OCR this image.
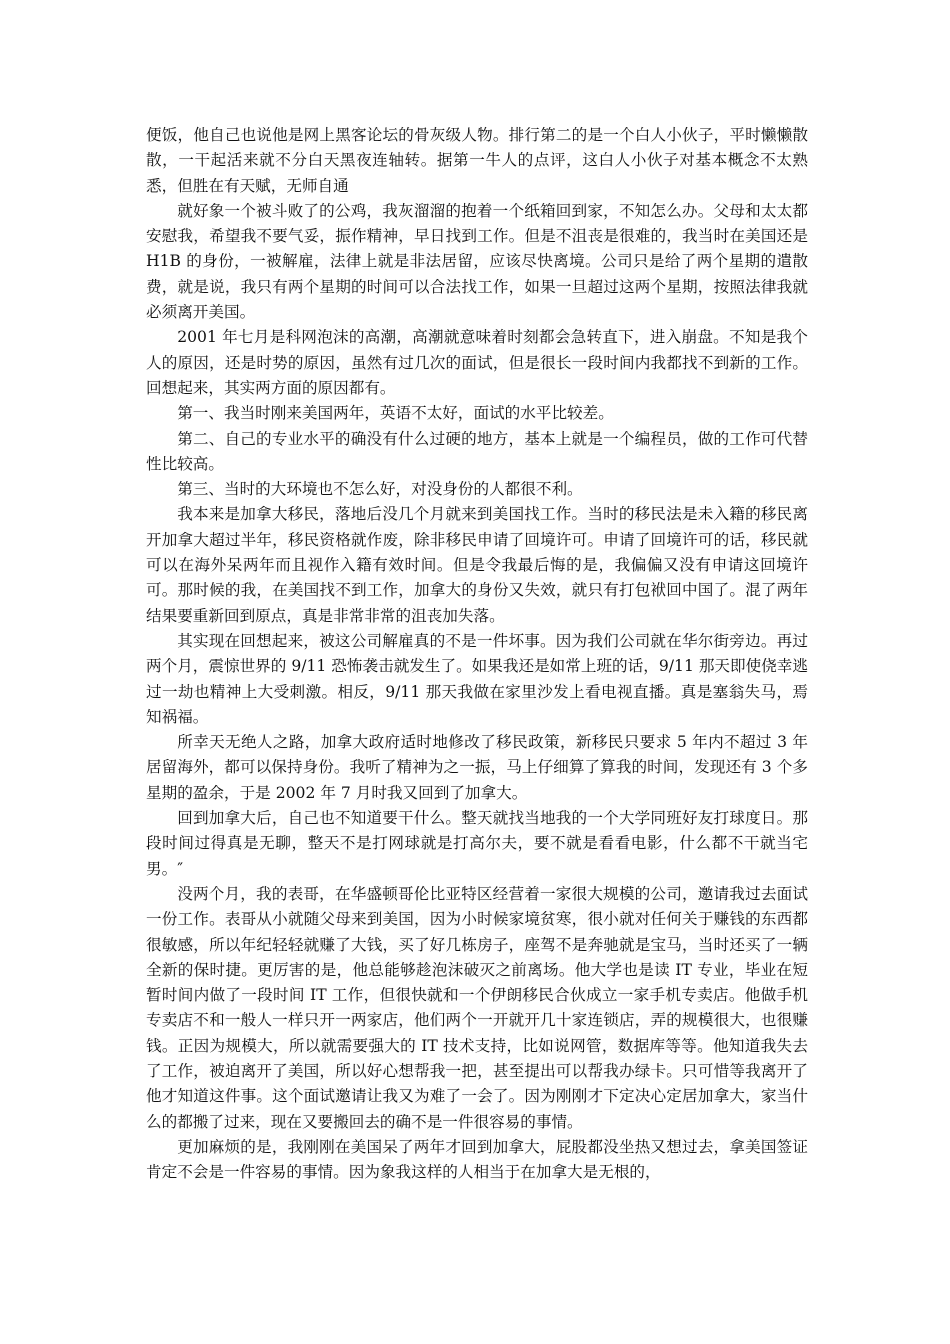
便饭，他自己也说他是网上黑客论坛的骨灰级人物。排行第二的是一个白人小伙子，平时懒懒散散，一干起活来就不分白天黑夜连轴转。据第一牛人的点评，这白人小伙子对基本概念不太熟悉，但胜在有天赋，无师自通

就好象一个被斗败了的公鸡，我灰溜溜的抱着一个纸箱回到家，不知怎么办。父母和太太都安慰我，希望我不要气妥，振作精神，早日找到工作。但是不沮丧是很难的，我当时在美国还是 H1B 的身份，一被解雇，法律上就是非法居留，应该尽快离境。公司只是给了两个星期的遣散费，就是说，我只有两个星期的时间可以合法找工作，如果一旦超过这两个星期，按照法律我就必须离开美国。

2001 年七月是科网泡沫的高潮，高潮就意味着时刻都会急转直下，进入崩盘。不知是我个人的原因，还是时势的原因，虽然有过几次的面试，但是很长一段时间内我都找不到新的工作。回想起来，其实两方面的原因都有。

第一、我当时刚来美国两年，英语不太好，面试的水平比较差。

第二、自己的专业水平的确没有什么过硬的地方，基本上就是一个编程员，做的工作可代替性比较高。

第三、当时的大环境也不怎么好，对没身份的人都很不利。

我本来是加拿大移民，落地后没几个月就来到美国找工作。当时的移民法是未入籍的移民离开加拿大超过半年，移民资格就作废，除非移民申请了回境许可。申请了回境许可的话，移民就可以在海外呆两年而且视作入籍有效时间。但是令我最后悔的是，我偏偏又没有申请这回境许可。那时候的我，在美国找不到工作，加拿大的身份又失效，就只有打包袱回中国了。混了两年结果要重新回到原点，真是非常非常的沮丧加失落。

其实现在回想起来，被这公司解雇真的不是一件坏事。因为我们公司就在华尔街旁边。再过两个月，震惊世界的 9/11 恐怖袭击就发生了。如果我还是如常上班的话，9/11 那天即使侥幸逃过一劫也精神上大受刺激。相反，9/11 那天我做在家里沙发上看电视直播。真是塞翁失马，焉知祸福。

所幸天无绝人之路，加拿大政府适时地修改了移民政策，新移民只要求 5 年内不超过 3 年居留海外，都可以保持身份。我听了精神为之一振，马上仔细算了算我的时间，发现还有 3 个多星期的盈余，于是 2002 年 7 月时我又回到了加拿大。

回到加拿大后，自己也不知道要干什么。整天就找当地我的一个大学同班好友打球度日。那段时间过得真是无聊，整天不是打网球就是打高尔夫，要不就是看看电影，什么都不干就当宅男。″

没两个月，我的表哥，在华盛顿哥伦比亚特区经营着一家很大规模的公司，邀请我过去面试一份工作。表哥从小就随父母来到美国，因为小时候家境贫寒，很小就对任何关于赚钱的东西都很敏感，所以年纪轻轻就赚了大钱，买了好几栋房子，座驾不是奔驰就是宝马，当时还买了一辆全新的保时捷。更厉害的是，他总能够趁泡沫破灭之前离场。他大学也是读 IT 专业，毕业在短暂时间内做了一段时间 IT 工作，但很快就和一个伊朗移民合伙成立一家手机专卖店。他做手机专卖店不和一般人一样只开一两家店，他们两个一开就开几十家连锁店，弄的规模很大，也很赚钱。正因为规模大，所以就需要强大的 IT 技术支持，比如说网管，数据库等等。他知道我失去了工作，被迫离开了美国，所以好心想帮我一把，甚至提出可以帮我办绿卡。只可惜等我离开了他才知道这件事。这个面试邀请让我又为难了一会了。因为刚刚才下定决心定居加拿大，家当什么的都搬了过来，现在又要搬回去的确不是一件很容易的事情。

更加麻烦的是，我刚刚在美国呆了两年才回到加拿大，屁股都没坐热又想过去，拿美国签证肯定不会是一件容易的事情。因为象我这样的人相当于在加拿大是无根的，
